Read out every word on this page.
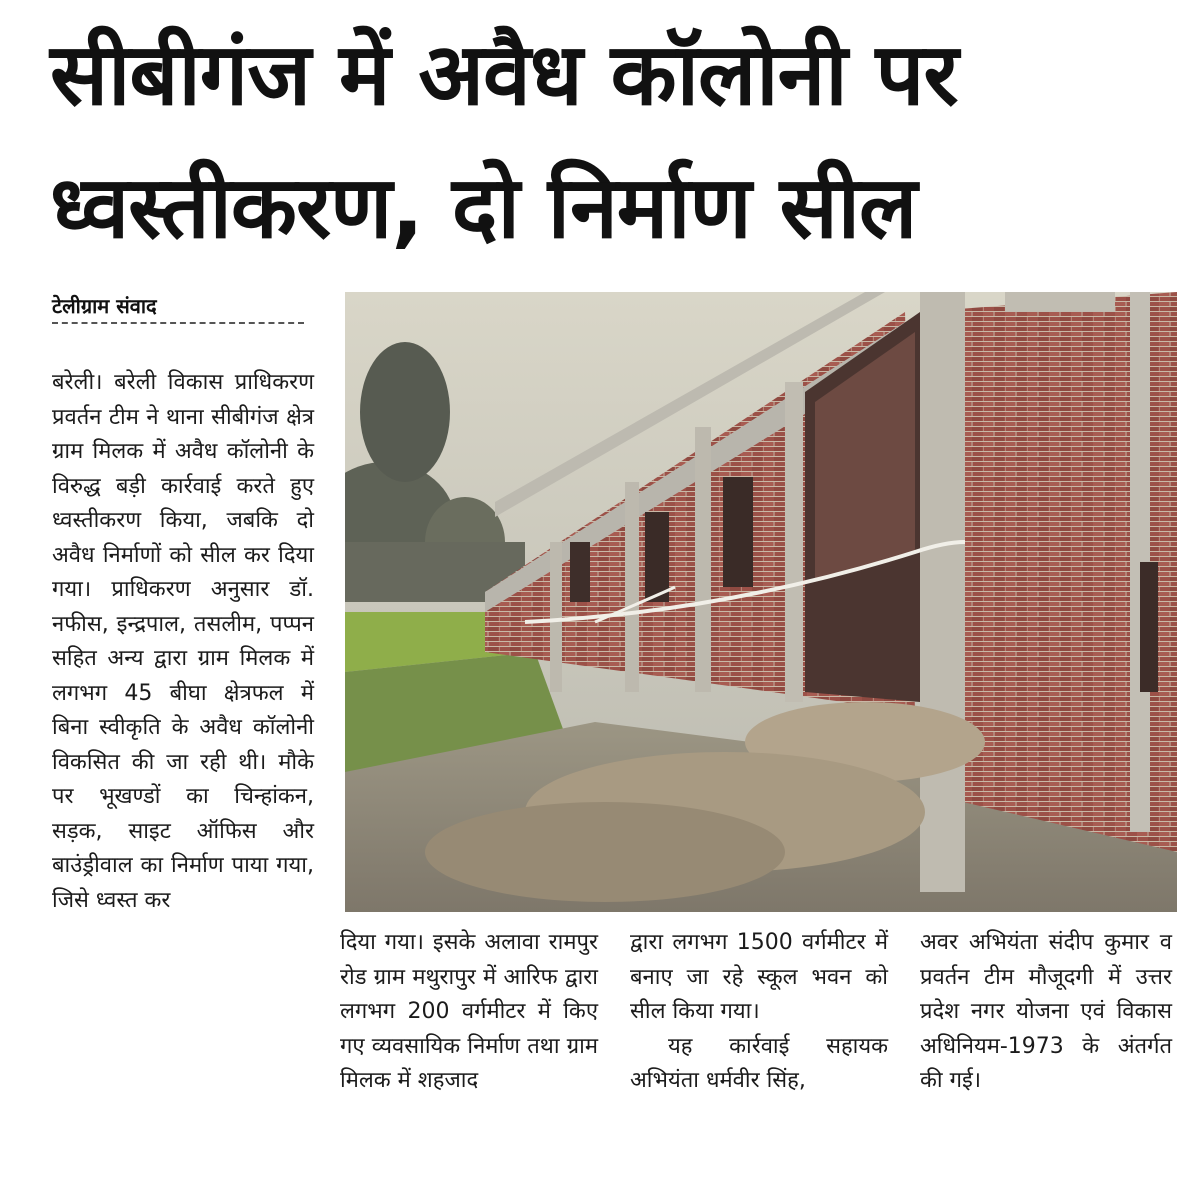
सीबीगंज में अवैध कॉलोनी पर
ध्वस्तीकरण, दो निर्माण सील
टेलीग्राम संवाद

बरेली। बरेली विकास प्राधिकरण प्रवर्तन टीम ने थाना सीबीगंज क्षेत्र ग्राम मिलक में अवैध कॉलोनी के विरुद्ध बड़ी कार्रवाई करते हुए ध्वस्तीकरण किया, जबकि दो अवैध निर्माणों को सील कर दिया गया। प्राधिकरण अनुसार डॉ. नफीस, इन्द्रपाल, तसलीम, पप्पन सहित अन्य द्वारा ग्राम मिलक में लगभग 45 बीघा क्षेत्रफल में बिना स्वीकृति के अवैध कॉलोनी विकसित की जा रही थी। मौके पर भूखण्डों का चिन्हांकन, सड़क, साइट ऑफिस और बाउंड्रीवाल का निर्माण पाया गया, जिसे ध्वस्त कर

दिया गया। इसके अलावा रामपुर रोड ग्राम मथुरापुर में आरिफ द्वारा लगभग 200 वर्गमीटर में किए गए व्यवसायिक निर्माण तथा ग्राम मिलक में शहजाद

द्वारा लगभग 1500 वर्गमीटर में बनाए जा रहे स्कूल भवन को सील किया गया।

यह कार्रवाई सहायक अभियंता धर्मवीर सिंह,

अवर अभियंता संदीप कुमार व प्रवर्तन टीम मौजूदगी में उत्तर प्रदेश नगर योजना एवं विकास अधिनियम-1973 के अंतर्गत की गई।
